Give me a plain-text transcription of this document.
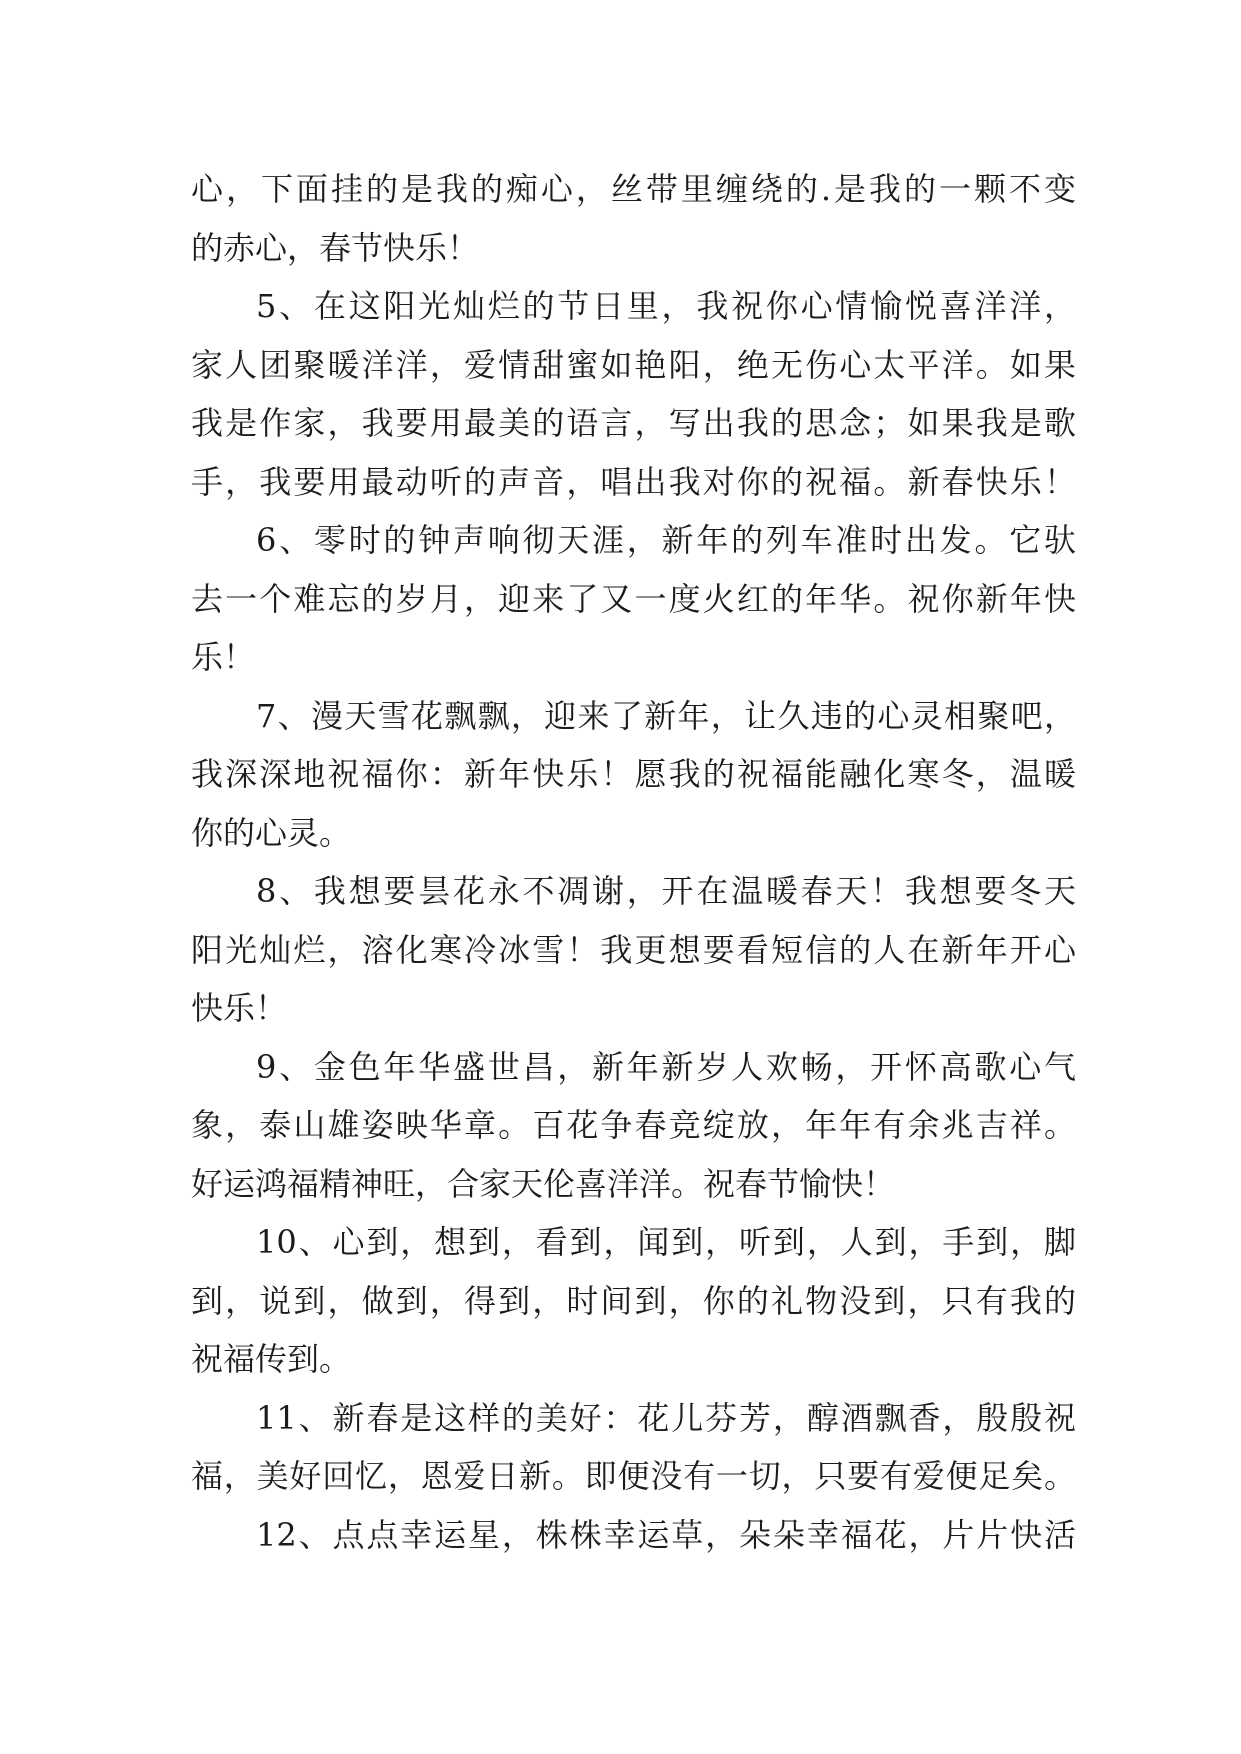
心，下面挂的是我的痴心，丝带里缠绕的.是我的一颗不变
的赤心，春节快乐！
5、在这阳光灿烂的节日里，我祝你心情愉悦喜洋洋，
家人团聚暖洋洋，爱情甜蜜如艳阳，绝无伤心太平洋。如果
我是作家，我要用最美的语言，写出我的思念；如果我是歌
手，我要用最动听的声音，唱出我对你的祝福。新春快乐！
6、零时的钟声响彻天涯，新年的列车准时出发。它驮
去一个难忘的岁月，迎来了又一度火红的年华。祝你新年快
乐！
7、漫天雪花飘飘，迎来了新年，让久违的心灵相聚吧，
我深深地祝福你：新年快乐！愿我的祝福能融化寒冬，温暖
你的心灵。
8、我想要昙花永不凋谢，开在温暖春天！我想要冬天
阳光灿烂，溶化寒冷冰雪！我更想要看短信的人在新年开心
快乐！
9、金色年华盛世昌，新年新岁人欢畅，开怀高歌心气
象，泰山雄姿映华章。百花争春竞绽放，年年有余兆吉祥。
好运鸿福精神旺，合家天伦喜洋洋。祝春节愉快！
10、心到，想到，看到，闻到，听到，人到，手到，脚
到，说到，做到，得到，时间到，你的礼物没到，只有我的
祝福传到。
11、新春是这样的美好：花儿芬芳，醇酒飘香，殷殷祝
福，美好回忆，恩爱日新。即便没有一切，只要有爱便足矣。
12、点点幸运星，株株幸运草，朵朵幸福花，片片快活
